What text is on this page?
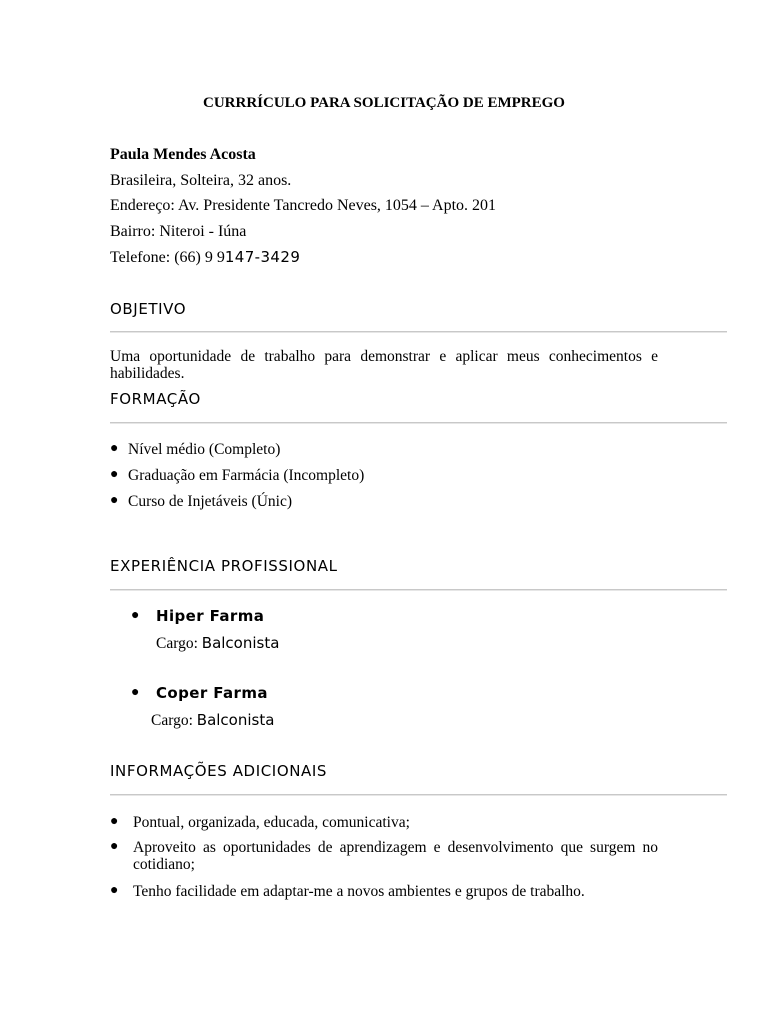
CURRRÍCULO PARA SOLICITAÇÃO DE EMPREGO
Paula Mendes Acosta
Brasileira, Solteira, 32 anos.
Endereço: Av. Presidente Tancredo Neves, 1054 – Apto. 201
Bairro: Niteroi - Iúna
Telefone: (66) 9 9147-3429
OBJETIVO
Uma oportunidade de trabalho para demonstrar e aplicar meus conhecimentos e habilidades.
FORMAÇÃO
● Nível médio (Completo)
● Graduação em Farmácia (Incompleto)
● Curso de Injetáveis (Únic)
EXPERIÊNCIA PROFISSIONAL
● Hiper Farma
Cargo: Balconista
● Coper Farma
Cargo: Balconista
INFORMAÇÕES ADICIONAIS
● Pontual, organizada, educada, comunicativa;
● Aproveito as oportunidades de aprendizagem e desenvolvimento que surgem no cotidiano;
● Tenho facilidade em adaptar-me a novos ambientes e grupos de trabalho.
